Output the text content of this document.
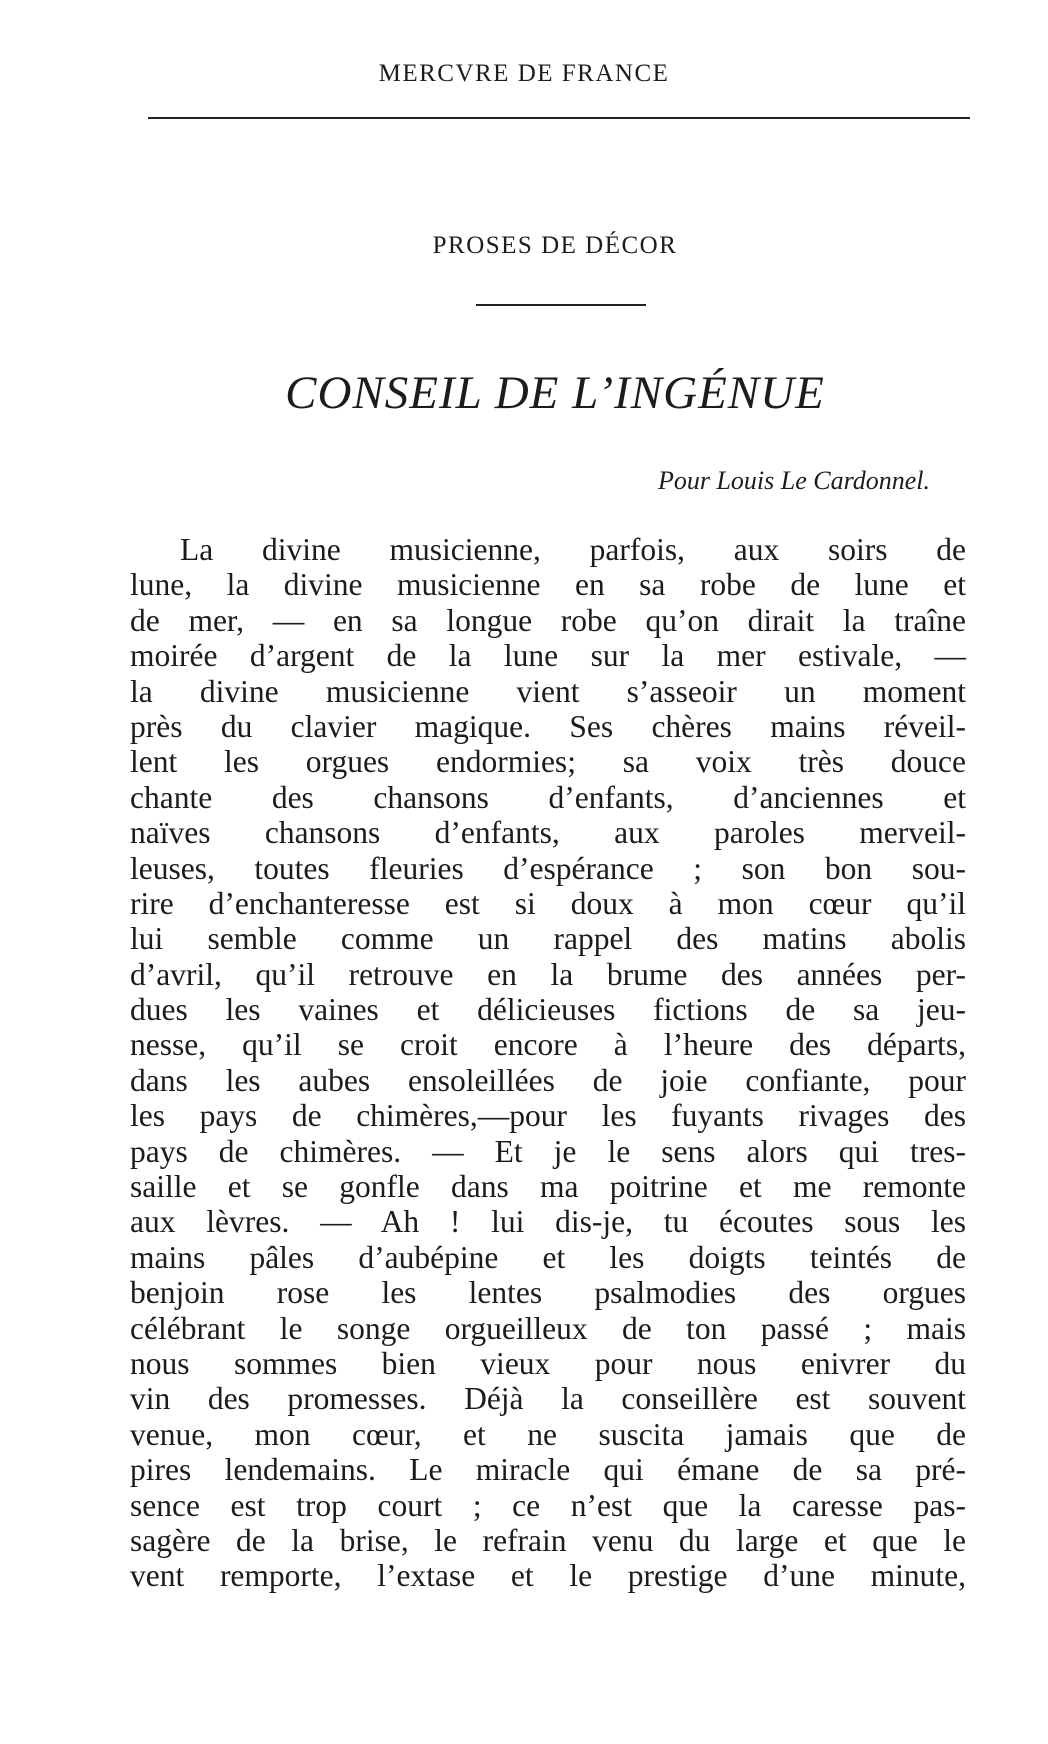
MERCVRE DE FRANCE
PROSES DE DÉCOR
CONSEIL DE L’INGÉNUE
Pour Louis Le Cardonnel.
La divine musicienne, parfois, aux soirs de
lune, la divine musicienne en sa robe de lune et
de mer, — en sa longue robe qu’on dirait la traîne
moirée d’argent de la lune sur la mer estivale, —
la divine musicienne vient s’asseoir un moment
près du clavier magique. Ses chères mains réveil-
lent les orgues endormies; sa voix très douce
chante des chansons d’enfants, d’anciennes et
naïves chansons d’enfants, aux paroles merveil-
leuses, toutes fleuries d’espérance ; son bon sou-
rire d’enchanteresse est si doux à mon cœur qu’il
lui semble comme un rappel des matins abolis
d’avril, qu’il retrouve en la brume des années per-
dues les vaines et délicieuses fictions de sa jeu-
nesse, qu’il se croit encore à l’heure des départs,
dans les aubes ensoleillées de joie confiante, pour
les pays de chimères,—pour les fuyants rivages des
pays de chimères. — Et je le sens alors qui tres-
saille et se gonfle dans ma poitrine et me remonte
aux lèvres. — Ah ! lui dis-je, tu écoutes sous les
mains pâles d’aubépine et les doigts teintés de
benjoin rose les lentes psalmodies des orgues
célébrant le songe orgueilleux de ton passé ; mais
nous sommes bien vieux pour nous enivrer du
vin des promesses. Déjà la conseillère est souvent
venue, mon cœur, et ne suscita jamais que de
pires lendemains. Le miracle qui émane de sa pré-
sence est trop court ; ce n’est que la caresse pas-
sagère de la brise, le refrain venu du large et que le
vent remporte, l’extase et le prestige d’une minute,
